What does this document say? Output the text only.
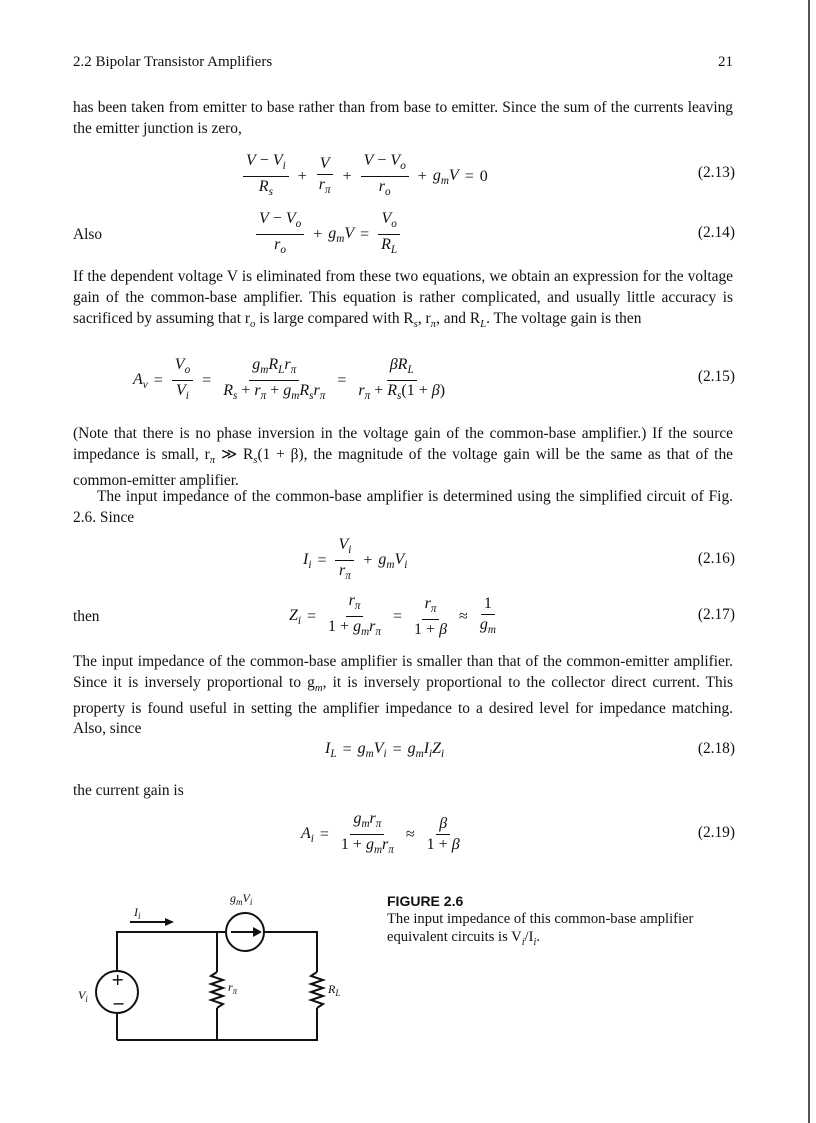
2.2 Bipolar Transistor Amplifiers	21

has been taken from emitter to base rather than from base to emitter. Since the sum of the currents leaving the emitter junction is zero,

$\frac{V - V_i}{R_s} + \frac{V}{r_\pi} + \frac{V - V_o}{r_o} + g_mV = 0$	(2.13)
Also	$\frac{V - V_o}{r_o} + g_mV = \frac{V_o}{R_L}$	(2.14)

If the dependent voltage V is eliminated from these two equations, we obtain an expression for the voltage gain of the common-base amplifier. This equation is rather complicated, and usually little accuracy is sacrificed by assuming that $r_o$ is large compared with $R_s$, $r_\pi$, and $R_L$. The voltage gain is then

$A_v = \frac{V_o}{V_i} = \frac{g_mR_Lr_\pi}{R_s + r_\pi + g_mR_sr_\pi} = \frac{\beta R_L}{r_\pi + R_s(1 + \beta)}$	(2.15)

(Note that there is no phase inversion in the voltage gain of the common-base amplifier.) If the source impedance is small, $r_\pi$ ≫ $R_s(1 + \beta)$, the magnitude of the voltage gain will be the same as that of the common-emitter amplifier.

The input impedance of the common-base amplifier is determined using the simplified circuit of Fig. 2.6. Since

$I_i = \frac{V_i}{r_\pi} + g_mV_i$	(2.16)
then	$Z_i = \frac{r_\pi}{1 + g_mr_\pi} = \frac{r_\pi}{1 + \beta} \approx \frac{1}{g_m}$	(2.17)

The input impedance of the common-base amplifier is smaller than that of the common-emitter amplifier. Since it is inversely proportional to $g_m$, it is inversely proportional to the collector direct current. This property is found useful in setting the amplifier impedance to a desired level for impedance matching. Also, since

$I_L = g_mV_i = g_mI_iZ_i$	(2.18)

the current gain is

$A_i = \frac{g_mr_\pi}{1 + g_mr_\pi} \approx \frac{\beta}{1 + \beta}$	(2.19)
+
−
$I_i$
$g_mV_i$
$V_i$
$r_\pi$	$R_L$
FIGURE 2.6
The input impedance of this common-base amplifier equivalent circuits is $V_i/I_i$.
